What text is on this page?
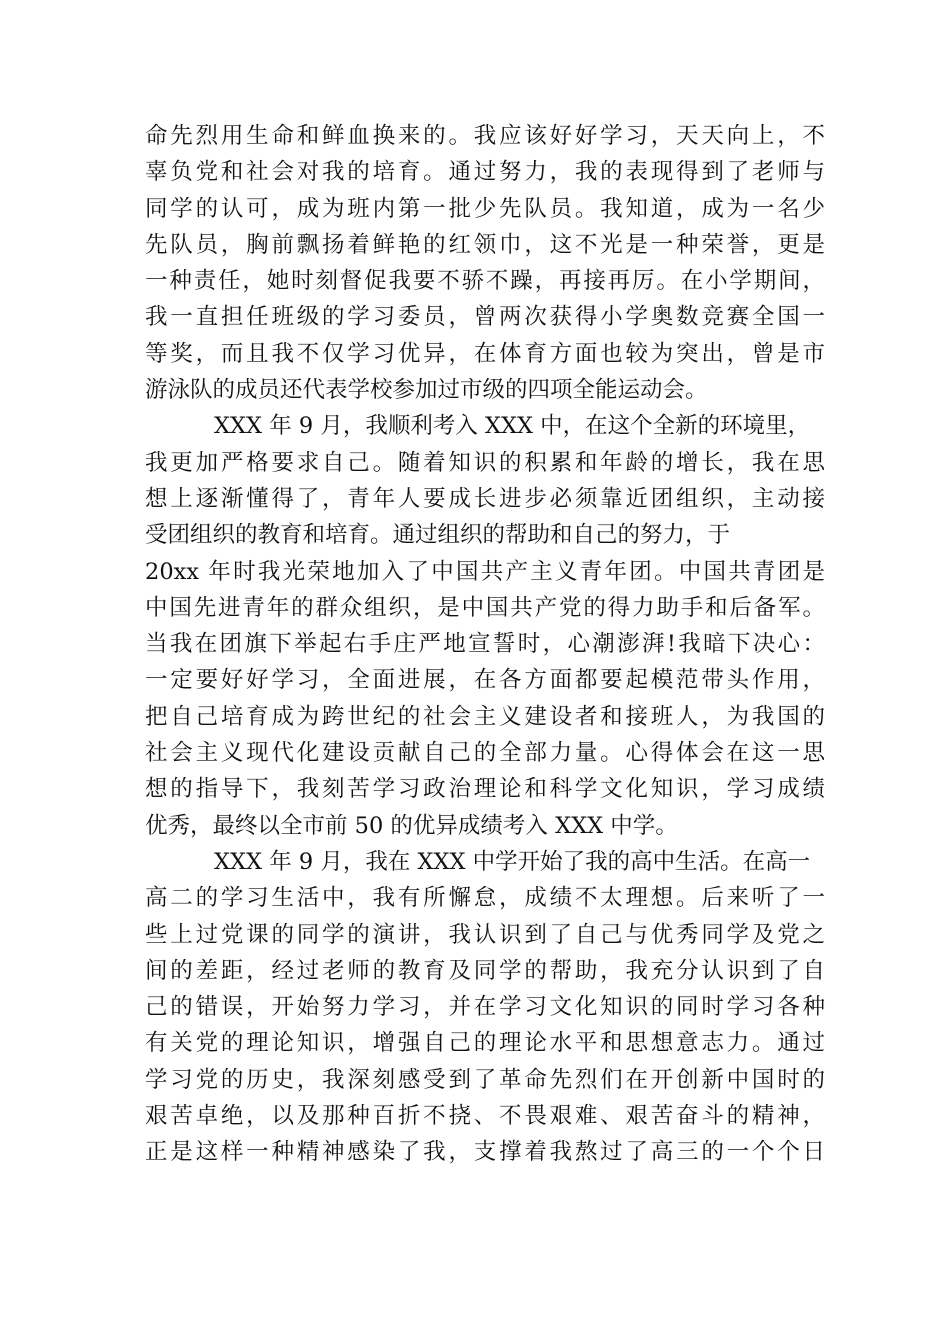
命先烈用生命和鲜血换来的。我应该好好学习，天天向上，不
辜负党和社会对我的培育。通过努力，我的表现得到了老师与
同学的认可，成为班内第一批少先队员。我知道，成为一名少
先队员，胸前飘扬着鲜艳的红领巾，这不光是一种荣誉，更是
一种责任，她时刻督促我要不骄不躁，再接再厉。在小学期间，
我一直担任班级的学习委员，曾两次获得小学奥数竞赛全国一
等奖，而且我不仅学习优异，在体育方面也较为突出，曾是市
游泳队的成员还代表学校参加过市级的四项全能运动会。
XXX 年 9 月，我顺利考入 XXX 中，在这个全新的环境里，
我更加严格要求自己。随着知识的积累和年龄的增长，我在思
想上逐渐懂得了，青年人要成长进步必须靠近团组织，主动接
受团组织的教育和培育。通过组织的帮助和自己的努力，于
20xx 年时我光荣地加入了中国共产主义青年团。中国共青团是
中国先进青年的群众组织，是中国共产党的得力助手和后备军。
当我在团旗下举起右手庄严地宣誓时，心潮澎湃!我暗下决心：
一定要好好学习，全面进展，在各方面都要起模范带头作用，
把自己培育成为跨世纪的社会主义建设者和接班人，为我国的
社会主义现代化建设贡献自己的全部力量。心得体会在这一思
想的指导下，我刻苦学习政治理论和科学文化知识，学习成绩
优秀，最终以全市前 50 的优异成绩考入 XXX 中学。
XXX 年 9 月，我在 XXX 中学开始了我的高中生活。在高一
高二的学习生活中，我有所懈怠，成绩不太理想。后来听了一
些上过党课的同学的演讲，我认识到了自己与优秀同学及党之
间的差距，经过老师的教育及同学的帮助，我充分认识到了自
己的错误，开始努力学习，并在学习文化知识的同时学习各种
有关党的理论知识，增强自己的理论水平和思想意志力。通过
学习党的历史，我深刻感受到了革命先烈们在开创新中国时的
艰苦卓绝，以及那种百折不挠、不畏艰难、艰苦奋斗的精神，
正是这样一种精神感染了我，支撑着我熬过了高三的一个个日
